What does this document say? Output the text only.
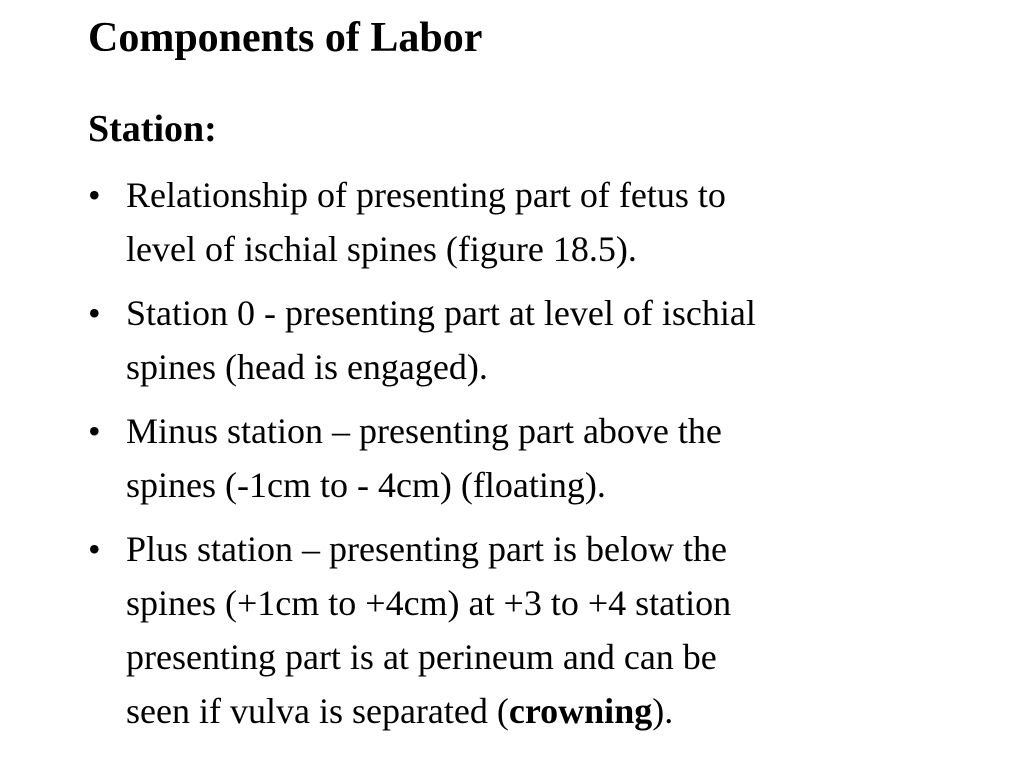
Components of Labor
Station:
• Relationship of presenting part of fetus to
level of ischial spines (figure 18.5).
• Station 0 - presenting part at level of ischial
spines (head is engaged).
• Minus station – presenting part above the
spines (-1cm to - 4cm) (floating).
• Plus station – presenting part is below the
spines (+1cm to +4cm) at +3 to +4 station
presenting part is at perineum and can be
seen if vulva is separated (crowning).
